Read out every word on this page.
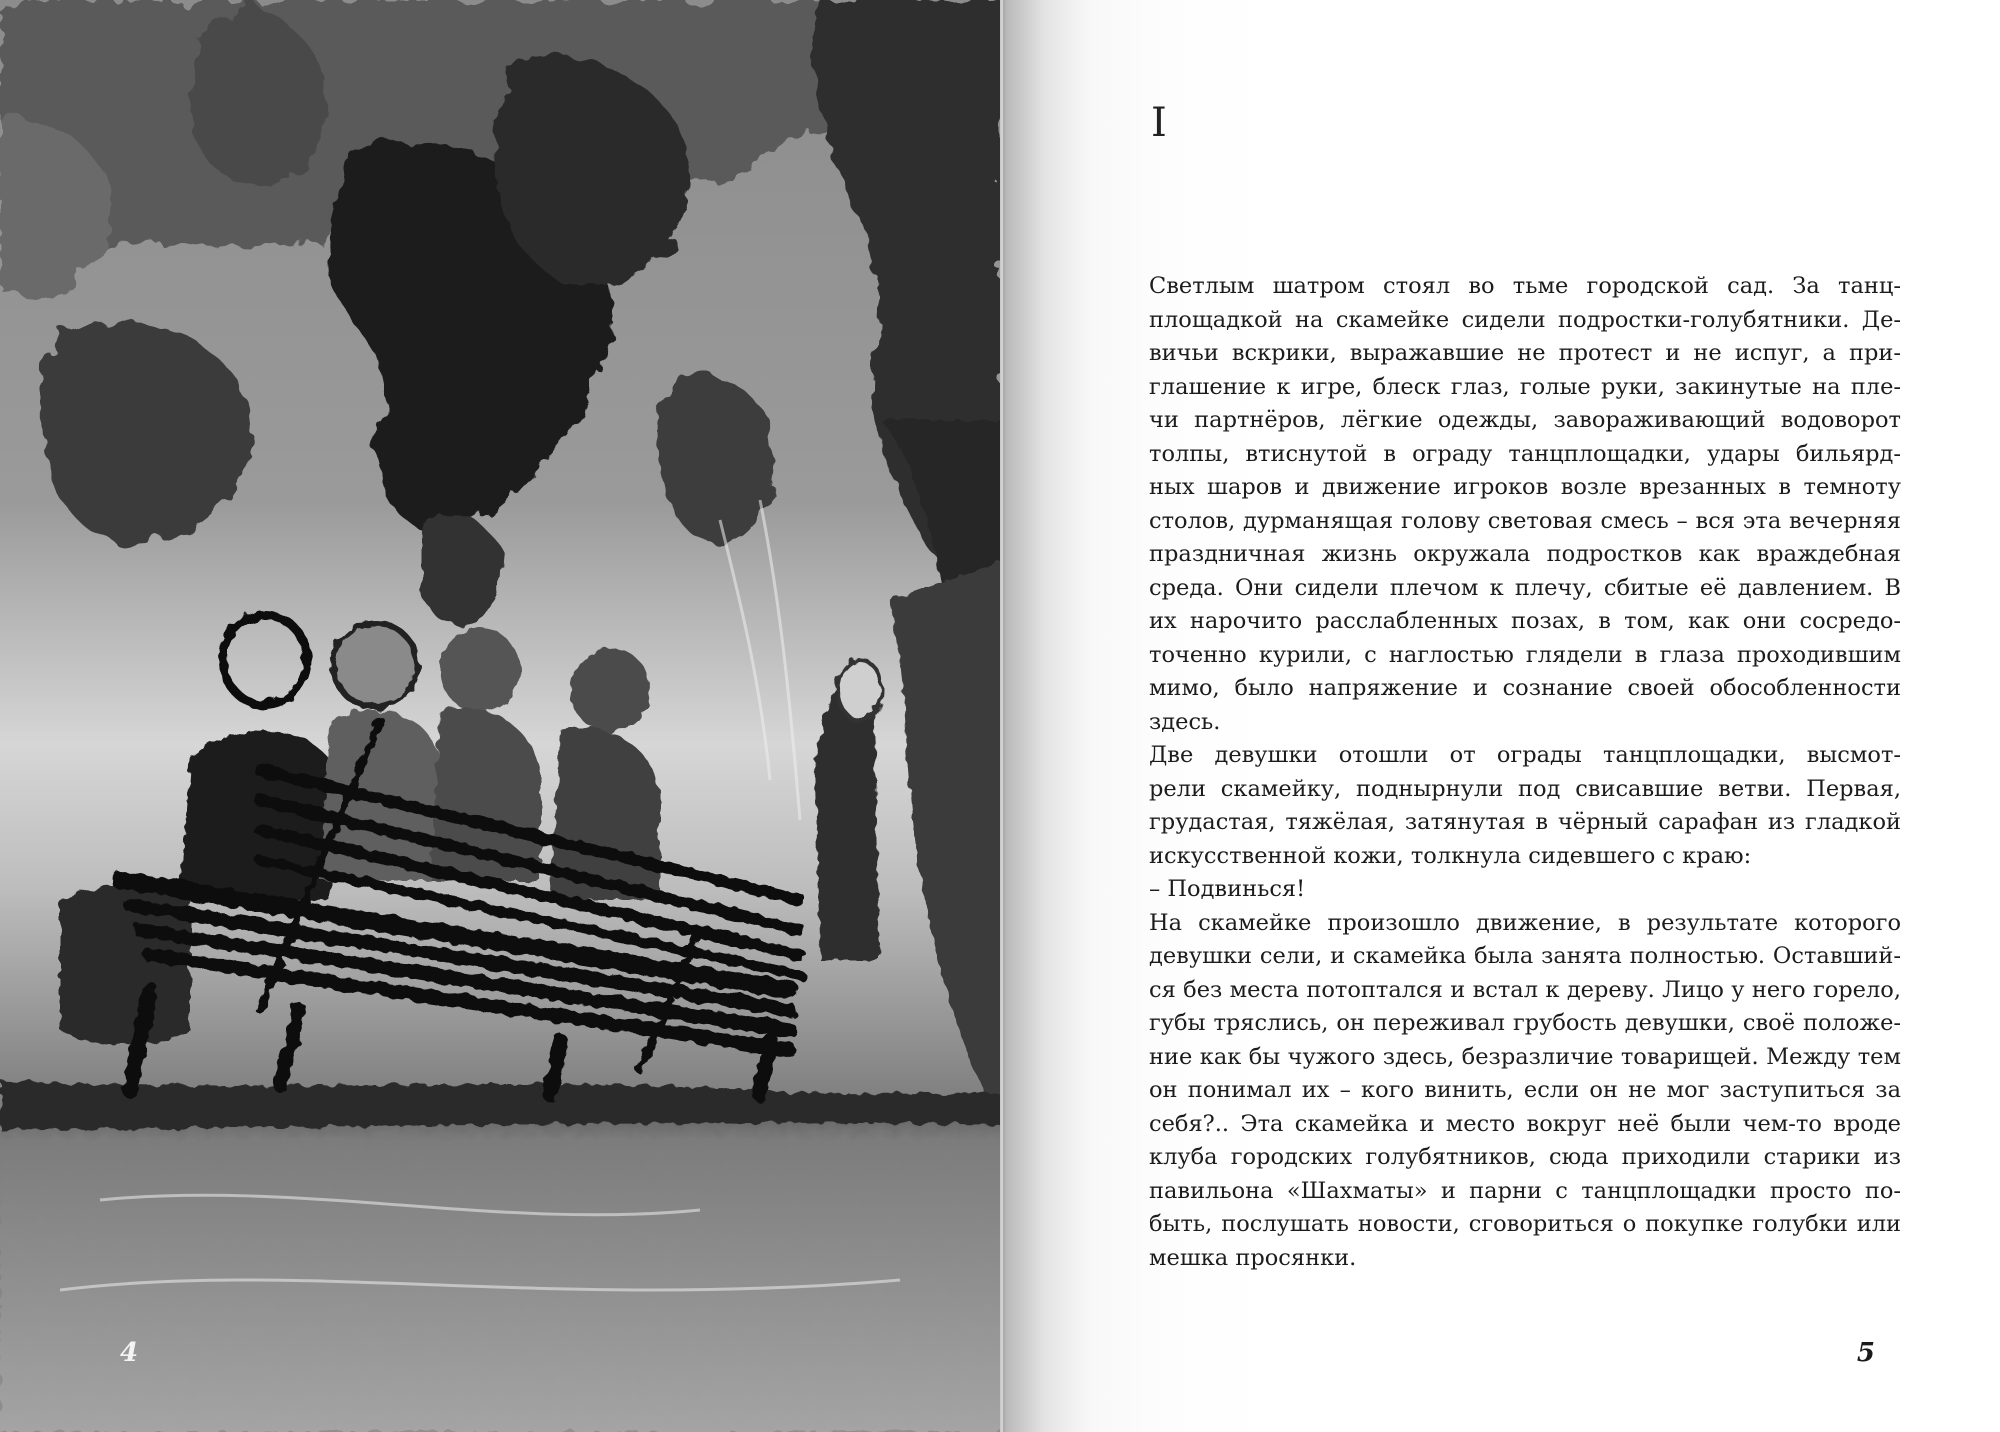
4
I
Светлым шатром стоял во тьме городской сад. За танц-
площадкой на скамейке сидели подростки-голубятники. Де-
вичьи вскрики, выражавшие не протест и не испуг, а при-
глашение к игре, блеск глаз, голые руки, закинутые на пле-
чи партнёров, лёгкие одежды, завораживающий водоворот
толпы, втиснутой в ограду танцплощадки, удары бильярд-
ных шаров и движение игроков возле врезанных в темноту
столов, дурманящая голову световая смесь – вся эта вечерняя
праздничная жизнь окружала подростков как враждебная
среда. Они сидели плечом к плечу, сбитые её давлением. В
их нарочито расслабленных позах, в том, как они сосредо-
точенно курили, с наглостью глядели в глаза проходившим
мимо, было напряжение и сознание своей обособленности
здесь.
Две девушки отошли от ограды танцплощадки, высмот-
рели скамейку, поднырнули под свисавшие ветви. Первая,
грудастая, тяжёлая, затянутая в чёрный сарафан из гладкой
искусственной кожи, толкнула сидевшего с краю:
– Подвинься!
На скамейке произошло движение, в результате которого
девушки сели, и скамейка была занята полностью. Оставший-
ся без места потоптался и встал к дереву. Лицо у него горело,
губы тряслись, он переживал грубость девушки, своё положе-
ние как бы чужого здесь, безразличие товарищей. Между тем
он понимал их – кого винить, если он не мог заступиться за
себя?.. Эта скамейка и место вокруг неё были чем-то вроде
клуба городских голубятников, сюда приходили старики из
павильона «Шахматы» и парни с танцплощадки просто по-
быть, послушать новости, сговориться о покупке голубки или
мешка просянки.
5
